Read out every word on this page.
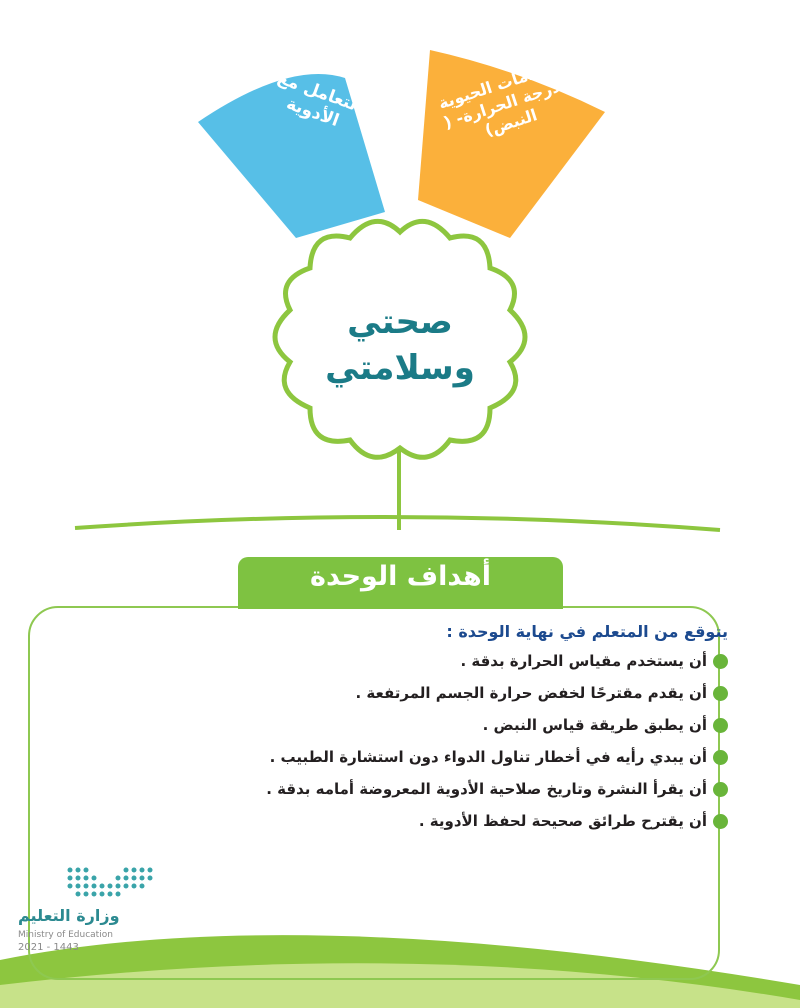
التعامل مع الأدوية	العلامات الحيوية -درجة الحرارة- ( النبض)
صحتي
وسلامتي
أهداف الوحدة
يتوقع من المتعلم في نهاية الوحدة :
أن يستخدم مقياس الحرارة بدقة .
أن يقدم مقترحًا لخفض حرارة الجسم المرتفعة .
أن يطبق طريقة قياس النبض .
أن يبدي رأيه في أخطار تناول الدواء دون استشارة الطبيب .
أن يقرأ النشرة وتاريخ صلاحية الأدوية المعروضة أمامه بدقة .
أن يقترح طرائق صحيحة لحفظ الأدوية .
وزارة التعليم
Ministry of Education
2021 - 1443
